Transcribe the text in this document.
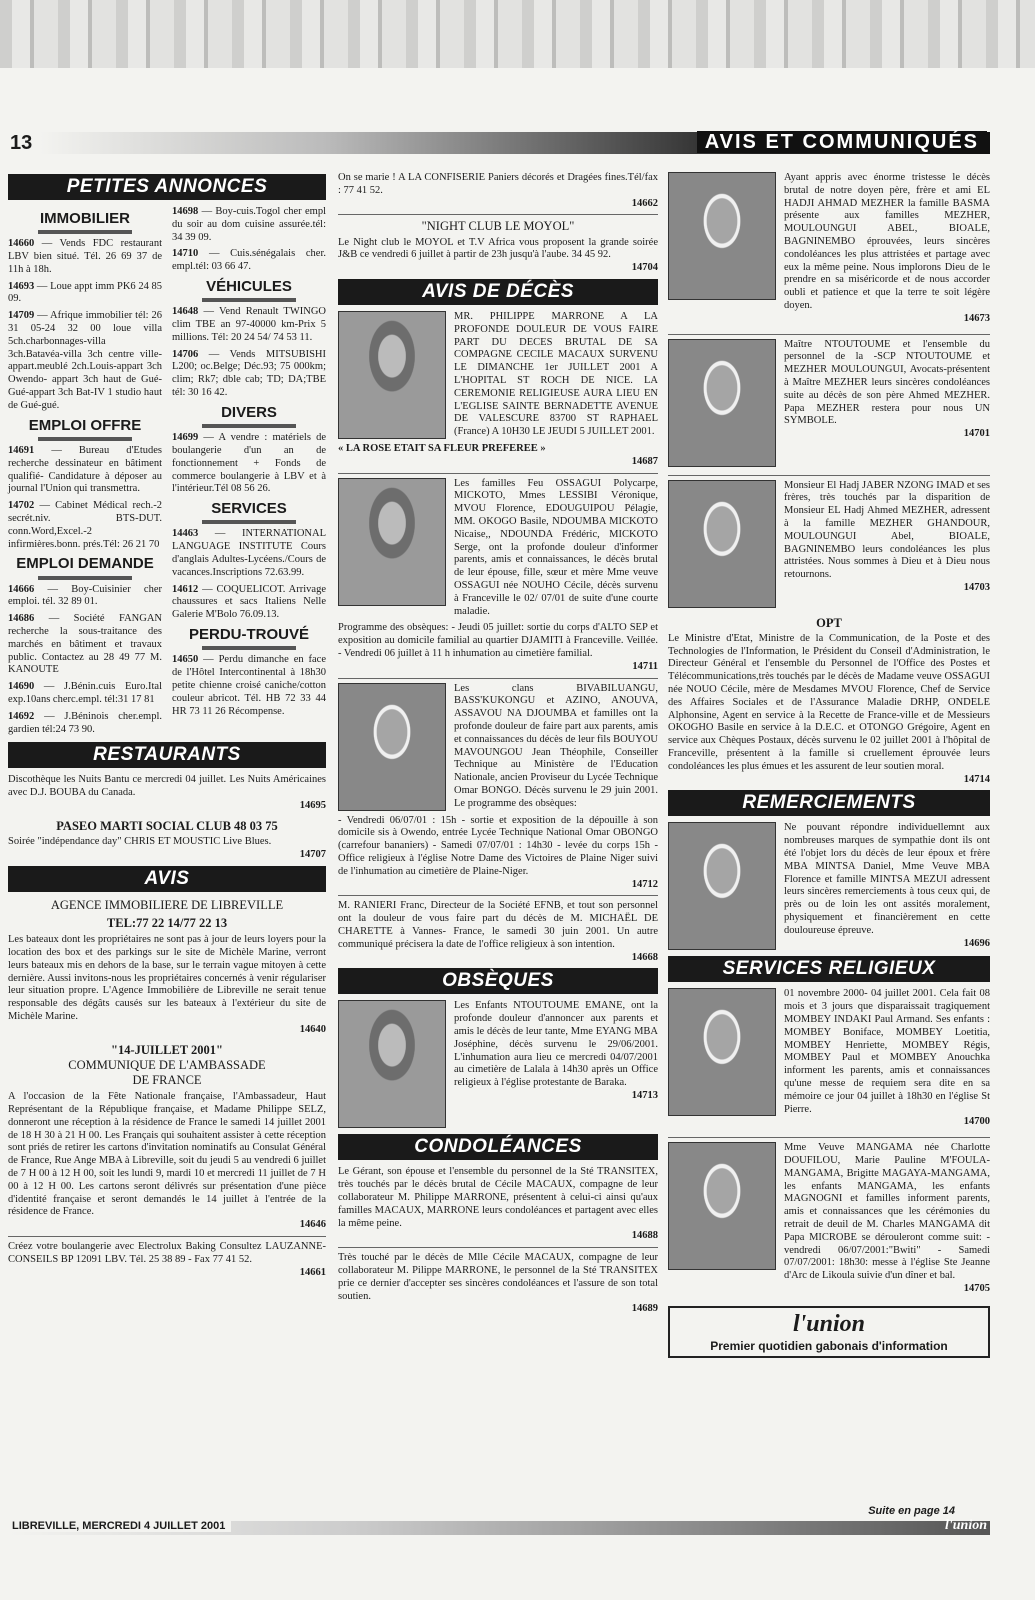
13	AVIS ET COMMUNIQUÉS
PETITES ANNONCES
IMMOBILIER

14660 — Vends FDC restaurant LBV bien situé. Tél. 26 69 37 de 11h à 18h.

14693 — Loue appt imm PK6 24 85 09.

14709 — Afrique immobilier tél: 26 31 05-24 32 00 loue villa 5ch.charbonnages-villa 3ch.Batavéa-villa 3ch centre ville-appart.meublé 2ch.Louis-appart 3ch Owendo- appart 3ch haut de Gué-Gué-appart 3ch Bat-IV 1 studio haut de Gué-gué.

EMPLOI OFFRE

14691 — Bureau d'Etudes recherche dessinateur en bâtiment qualifié- Candidature à déposer au journal l'Union qui transmettra.

14702 — Cabinet Médical rech.-2 secrét.niv. BTS-DUT. conn.Word,Excel.-2 infirmières.bonn. prés.Tél: 26 21 70

EMPLOI DEMANDE

14666 — Boy-Cuisinier cher emploi. tél. 32 89 01.

14686 — Société FANGAN recherche la sous-traitance des marchés en bâtiment et travaux public. Contactez au 28 49 77 M. KANOUTE

14690 — J.Bénin.cuis Euro.Ital exp.10ans cherc.empl. tél:31 17 81

14692 — J.Béninois cher.empl. gardien tél:24 73 90.

14698 — Boy-cuis.Togol cher empl du soir au dom cuisine assurée.tél: 34 39 09.

14710 — Cuis.sénégalais cher. empl.tél: 03 66 47.

VÉHICULES

14648 — Vend Renault TWINGO clim TBE an 97-40000 km-Prix 5 millions. Tél: 20 24 54/ 74 53 11.

14706 — Vends MITSUBISHI L200; oc.Belge; Déc.93; 75 000km; clim; Rk7; dble cab; TD; DA;TBE tél: 30 16 42.

DIVERS

14699 — A vendre : matériels de boulangerie d'un an de fonctionnement + Fonds de commerce boulangerie à LBV et à l'intérieur.Tél 08 56 26.

SERVICES

14463 — INTERNATIONAL LANGUAGE INSTITUTE Cours d'anglais Adultes-Lycéens./Cours de vacances.Inscriptions 72.63.99.

14612 — COQUELICOT. Arrivage chaussures et sacs Italiens Nelle Galerie M'Bolo 76.09.13.

PERDU-TROUVÉ

14650 — Perdu dimanche en face de l'Hôtel Intercontinental à 18h30 petite chienne croisé caniche/cotton couleur abricot. Tél. HB 72 33 44 HR 73 11 26 Récompense.

RESTAURANTS

Discothèque les Nuits Bantu ce mercredi 04 juillet. Les Nuits Américaines avec D.J. BOUBA du Canada.
14695

PASEO MARTI SOCIAL CLUB 48 03 75

Soirée "indépendance day" CHRIS ET MOUSTIC Live Blues.
14707

AVIS
AGENCE IMMOBILIERE DE LIBREVILLE
TEL:77 22 14/77 22 13

Les bateaux dont les propriétaires ne sont pas à jour de leurs loyers pour la location des box et des parkings sur le site de Michèle Marine, verront leurs bateaux mis en dehors de la base, sur le terrain vague mitoyen à cette dernière. Aussi invitons-nous les propriétaires concernés à venir régulariser leur situation propre. L'Agence Immobilière de Libreville ne serait tenue responsable des dégâts causés sur les bateaux à l'extérieur du site de Michèle Marine.
14640

"14-JUILLET 2001"
COMMUNIQUE DE L'AMBASSADE
DE FRANCE

A l'occasion de la Fête Nationale française, l'Ambassadeur, Haut Représentant de la République française, et Madame Philippe SELZ, donneront une réception à la résidence de France le samedi 14 juillet 2001 de 18 H 30 à 21 H 00. Les Français qui souhaitent assister à cette réception sont priés de retirer les cartons d'invitation nominatifs au Consulat Général de France, Rue Ange MBA à Libreville, soit du jeudi 5 au vendredi 6 juillet de 7 H 00 à 12 H 00, soit les lundi 9, mardi 10 et mercredi 11 juillet de 7 H 00 à 12 H 00. Les cartons seront délivrés sur présentation d'une pièce d'identité française et seront demandés le 14 juillet à l'entrée de la résidence de France.
14646

Créez votre boulangerie avec Electrolux Baking Consultez LAUZANNE-CONSEILS BP 12091 LBV. Tél. 25 38 89 - Fax 77 41 52.
14661

On se marie ! A LA CONFISERIE Paniers décorés et Dragées fines.Tél/fax : 77 41 52.
14662

"NIGHT CLUB LE MOYOL"

Le Night club le MOYOL et T.V Africa vous proposent la grande soirée J&B ce vendredi 6 juillet à partir de 23h jusqu'à l'aube. 34 45 92.
14704

AVIS DE DÉCÈS

MR. PHILIPPE MARRONE A LA PROFONDE DOULEUR DE VOUS FAIRE PART DU DECES BRUTAL DE SA COMPAGNE CECILE MACAUX SURVENU LE DIMANCHE 1er JUILLET 2001 A L'HOPITAL ST ROCH DE NICE. LA CEREMONIE RELIGIEUSE AURA LIEU EN L'EGLISE SAINTE BERNADETTE AVENUE DE VALESCURE 83700 ST RAPHAEL (France) A 10H30 LE JEUDI 5 JUILLET 2001.

« LA ROSE ETAIT SA FLEUR PREFEREE »
14687

Les familles Feu OSSAGUI Polycarpe, MICKOTO, Mmes LESSIBI Véronique, MVOU Florence, EDOUGUIPOU Pélagie, MM. OKOGO Basile, NDOUMBA MICKOTO Nicaise,, NDOUNDA Frédéric, MICKOTO Serge, ont la profonde douleur d'informer parents, amis et connaissances, le décès brutal de leur épouse, fille, sœur et mère Mme veuve OSSAGUI née NOUHO Cécile, décès survenu à Franceville le 02/ 07/01 de suite d'une courte maladie.

Programme des obsèques: - Jeudi 05 juillet: sortie du corps d'ALTO SEP et exposition au domicile familial au quartier DJAMITI à Franceville. Veillée. - Vendredi 06 juillet à 11 h inhumation au cimetière familial.
14711

Les clans BIVABILUANGU, BASS'KUKONGU et AZINO, ANOUVA, ASSAVOU NA DJOUMBA et familles ont la profonde douleur de faire part aux parents, amis et connaissances du décès de leur fils BOUYOU MAVOUNGOU Jean Théophile, Conseiller Technique au Ministère de l'Education Nationale, ancien Proviseur du Lycée Technique Omar BONGO. Décès survenu le 29 juin 2001. Le programme des obsèques:

- Vendredi 06/07/01 : 15h - sortie et exposition de la dépouille à son domicile sis à Owendo, entrée Lycée Technique National Omar OBONGO (carrefour bananiers) - Samedi 07/07/01 : 14h30 - levée du corps 15h - Office religieux à l'église Notre Dame des Victoires de Plaine Niger suivi de l'inhumation au cimetière de Plaine-Niger.
14712

M. RANIERI Franc, Directeur de la Société EFNB, et tout son personnel ont la douleur de vous faire part du décès de M. MICHAËL DE CHARETTE à Vannes- France, le samedi 30 juin 2001. Un autre communiqué précisera la date de l'office religieux à son intention.
14668

OBSÈQUES

Les Enfants NTOUTOUME EMANE, ont la profonde douleur d'annoncer aux parents et amis le décès de leur tante, Mme EYANG MBA Joséphine, décès survenu le 29/06/2001. L'inhumation aura lieu ce mercredi 04/07/2001 au cimetière de Lalala à 14h30 après un Office religieux à l'église protestante de Baraka.
14713

CONDOLÉANCES

Le Gérant, son épouse et l'ensemble du personnel de la Sté TRANSITEX, très touchés par le décès brutal de Cécile MACAUX, compagne de leur collaborateur M. Philippe MARRONE, présentent à celui-ci ainsi qu'aux familles MACAUX, MARRONE leurs condoléances et partagent avec elles la même peine.
14688

Très touché par le décès de Mlle Cécile MACAUX, compagne de leur collaborateur M. Pilippe MARRONE, le personnel de la Sté TRANSITEX prie ce dernier d'accepter ses sincères condoléances et l'assure de son total soutien.
14689

Ayant appris avec énorme tristesse le décès brutal de notre doyen père, frère et ami EL HADJI AHMAD MEZHER la famille BASMA présente aux familles MEZHER, MOULOUNGUI ABEL, BIOALE, BAGNINEMBO éprouvées, leurs sincères condoléances les plus attristées et partage avec eux la même peine. Nous implorons Dieu de le prendre en sa miséricorde et de nous accorder oubli et patience et que la terre te soit légère doyen.
14673

Maître NTOUTOUME et l'ensemble du personnel de la -SCP NTOUTOUME et MEZHER MOULOUNGUI, Avocats-présentent à Maître MEZHER leurs sincères condoléances suite au décès de son père Ahmed MEZHER. Papa MEZHER restera pour nous UN SYMBOLE.
14701

Monsieur El Hadj JABER NZONG IMAD et ses frères, très touchés par la disparition de Monsieur EL Hadj Ahmed MEZHER, adressent à la famille MEZHER GHANDOUR, MOULOUNGUI Abel, BIOALE, BAGNINEMBO leurs condoléances les plus attristées. Nous sommes à Dieu et à Dieu nous retournons.
14703

OPT

Le Ministre d'Etat, Ministre de la Communication, de la Poste et des Technologies de l'Information, le Président du Conseil d'Administration, le Directeur Général et l'ensemble du Personnel de l'Office des Postes et Télécommunications,très touchés par le décès de Madame veuve OSSAGUI née NOUO Cécile, mère de Mesdames MVOU Florence, Chef de Service des Affaires Sociales et de l'Assurance Maladie DRHP, ONDELE Alphonsine, Agent en service à la Recette de France-ville et de Messieurs OKOGHO Basile en service à la D.E.C. et OTONGO Grégoire, Agent en service aux Chèques Postaux, décès survenu le 02 juillet 2001 à l'hôpital de Franceville, présentent à la famille si cruellement éprouvée leurs condoléances les plus émues et les assurent de leur soutien moral.
14714

REMERCIEMENTS

Ne pouvant répondre individuellemnt aux nombreuses marques de sympathie dont ils ont été l'objet lors du décès de leur époux et frère MBA MINTSA Daniel, Mme Veuve MBA Florence et famille MINTSA MEZUI adressent leurs sincères remerciements à tous ceux qui, de près ou de loin les ont assités moralement, physiquement et financièrement en cette douloureuse épreuve.
14696

SERVICES RELIGIEUX

01 novembre 2000- 04 juillet 2001. Cela fait 08 mois et 3 jours que disparaissait tragiquement MOMBEY INDAKI Paul Armand. Ses enfants : MOMBEY Boniface, MOMBEY Loetitia, MOMBEY Henriette, MOMBEY Régis, MOMBEY Paul et MOMBEY Anouchka informent les parents, amis et connaissances qu'une messe de requiem sera dite en sa mémoire ce jour 04 juillet à 18h30 en l'église St Pierre.
14700

Mme Veuve MANGAMA née Charlotte DOUFILOU, Marie Pauline M'FOULA-MANGAMA, Brigitte MAGAYA-MANGAMA, les enfants MANGAMA, les enfants MAGNOGNI et familles informent parents, amis et connaissances que les cérémonies du retrait de deuil de M. Charles MANGAMA dit Papa MICROBE se dérouleront comme suit: - vendredi 06/07/2001:"Bwiti" - Samedi 07/07/2001: 18h30: messe à l'église Ste Jeanne d'Arc de Likoula suivie d'un dîner et bal.
14705

l'union
Premier quotidien gabonais d'information
Suite en page 14
LIBREVILLE, MERCREDI 4 JUILLET 2001	l'union
